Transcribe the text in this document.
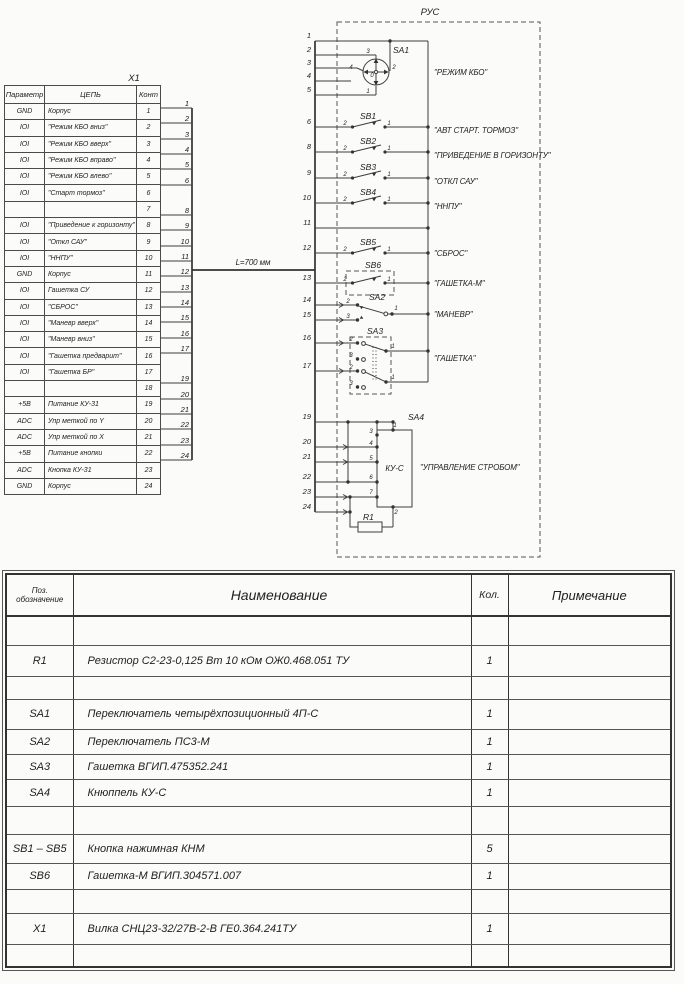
РУС
X1
L=700 мм
КУ-С
1
2
3
4
5
6
8
9
10
11
12
13
14
15
16
17
19
20
21
22
23
24
1
2
3
4
5
6
8
9
10
11
12
13
14
15
16
17
19
20
21
22
23
24
3
4	2
1
0
2	1
2	1
2	1
2	1
2	1
2	1
2
3
1
2
3
1
2
3
1
1
3
4
5
6
7
2
SA1
SB1
SB2
SB3
SB4
SB5
SB6
SA2
SA3
SA4
R1
"РЕЖИМ КБО"
"АВТ СТАРТ. ТОРМОЗ"
"ПРИВЕДЕНИЕ В ГОРИЗОНТУ"
"ОТКЛ САУ"
"ННПУ"
"СБРОС"
"ГАШЕТКА-М"
"МАНЕВР"
"ГАШЕТКА"
"УПРАВЛЕНИЕ СТРОБОМ"
Параметр	ЦЕПЬ	Конт
GND	Корпус	1
IOI	"Режим КБО вниз"	2
IOI	"Режим КБО вверх"	3
IOI	"Режим КБО вправо"	4
IOI	"Режим КБО влево"	5
IOI	"Старт тормоз"	6
		7
IOI	"Приведение к горизонту"	8
IOI	"Откл САУ"	9
IOI	"ННПУ"	10
GND	Корпус	11
IOI	Гашетка СУ	12
IOI	"СБРОС"	13
IOI	"Маневр вверх"	14
IOI	"Маневр вниз"	15
IOI	"Гашетка предварит"	16
IOI	"Гашетка БР"	17
		18
+5В	Питание КУ-31	19
ADC	Упр меткой по Y	20
ADC	Упр меткой по X	21
+5В	Питание кнопки	22
ADC	Кнопка КУ-31	23
GND	Корпус	24
Поз.
обозначение	Наименование	Кол.	Примечание

R1	Резистор С2-23-0,125 Вт 10 кОм ОЖ0.468.051 ТУ	1	

SA1	Переключатель четырёхпозиционный 4П-С	1	
SA2	Переключатель ПС3-М	1	
SA3	Гашетка ВГИП.475352.241	1	
SA4	Кнюппель КУ-С	1	

SB1 – SB5	Кнопка нажимная КНМ	5	
SB6	Гашетка-М ВГИП.304571.007	1	

X1	Вилка СНЦ23-32/27В-2-В ГЕ0.364.241ТУ	1	
